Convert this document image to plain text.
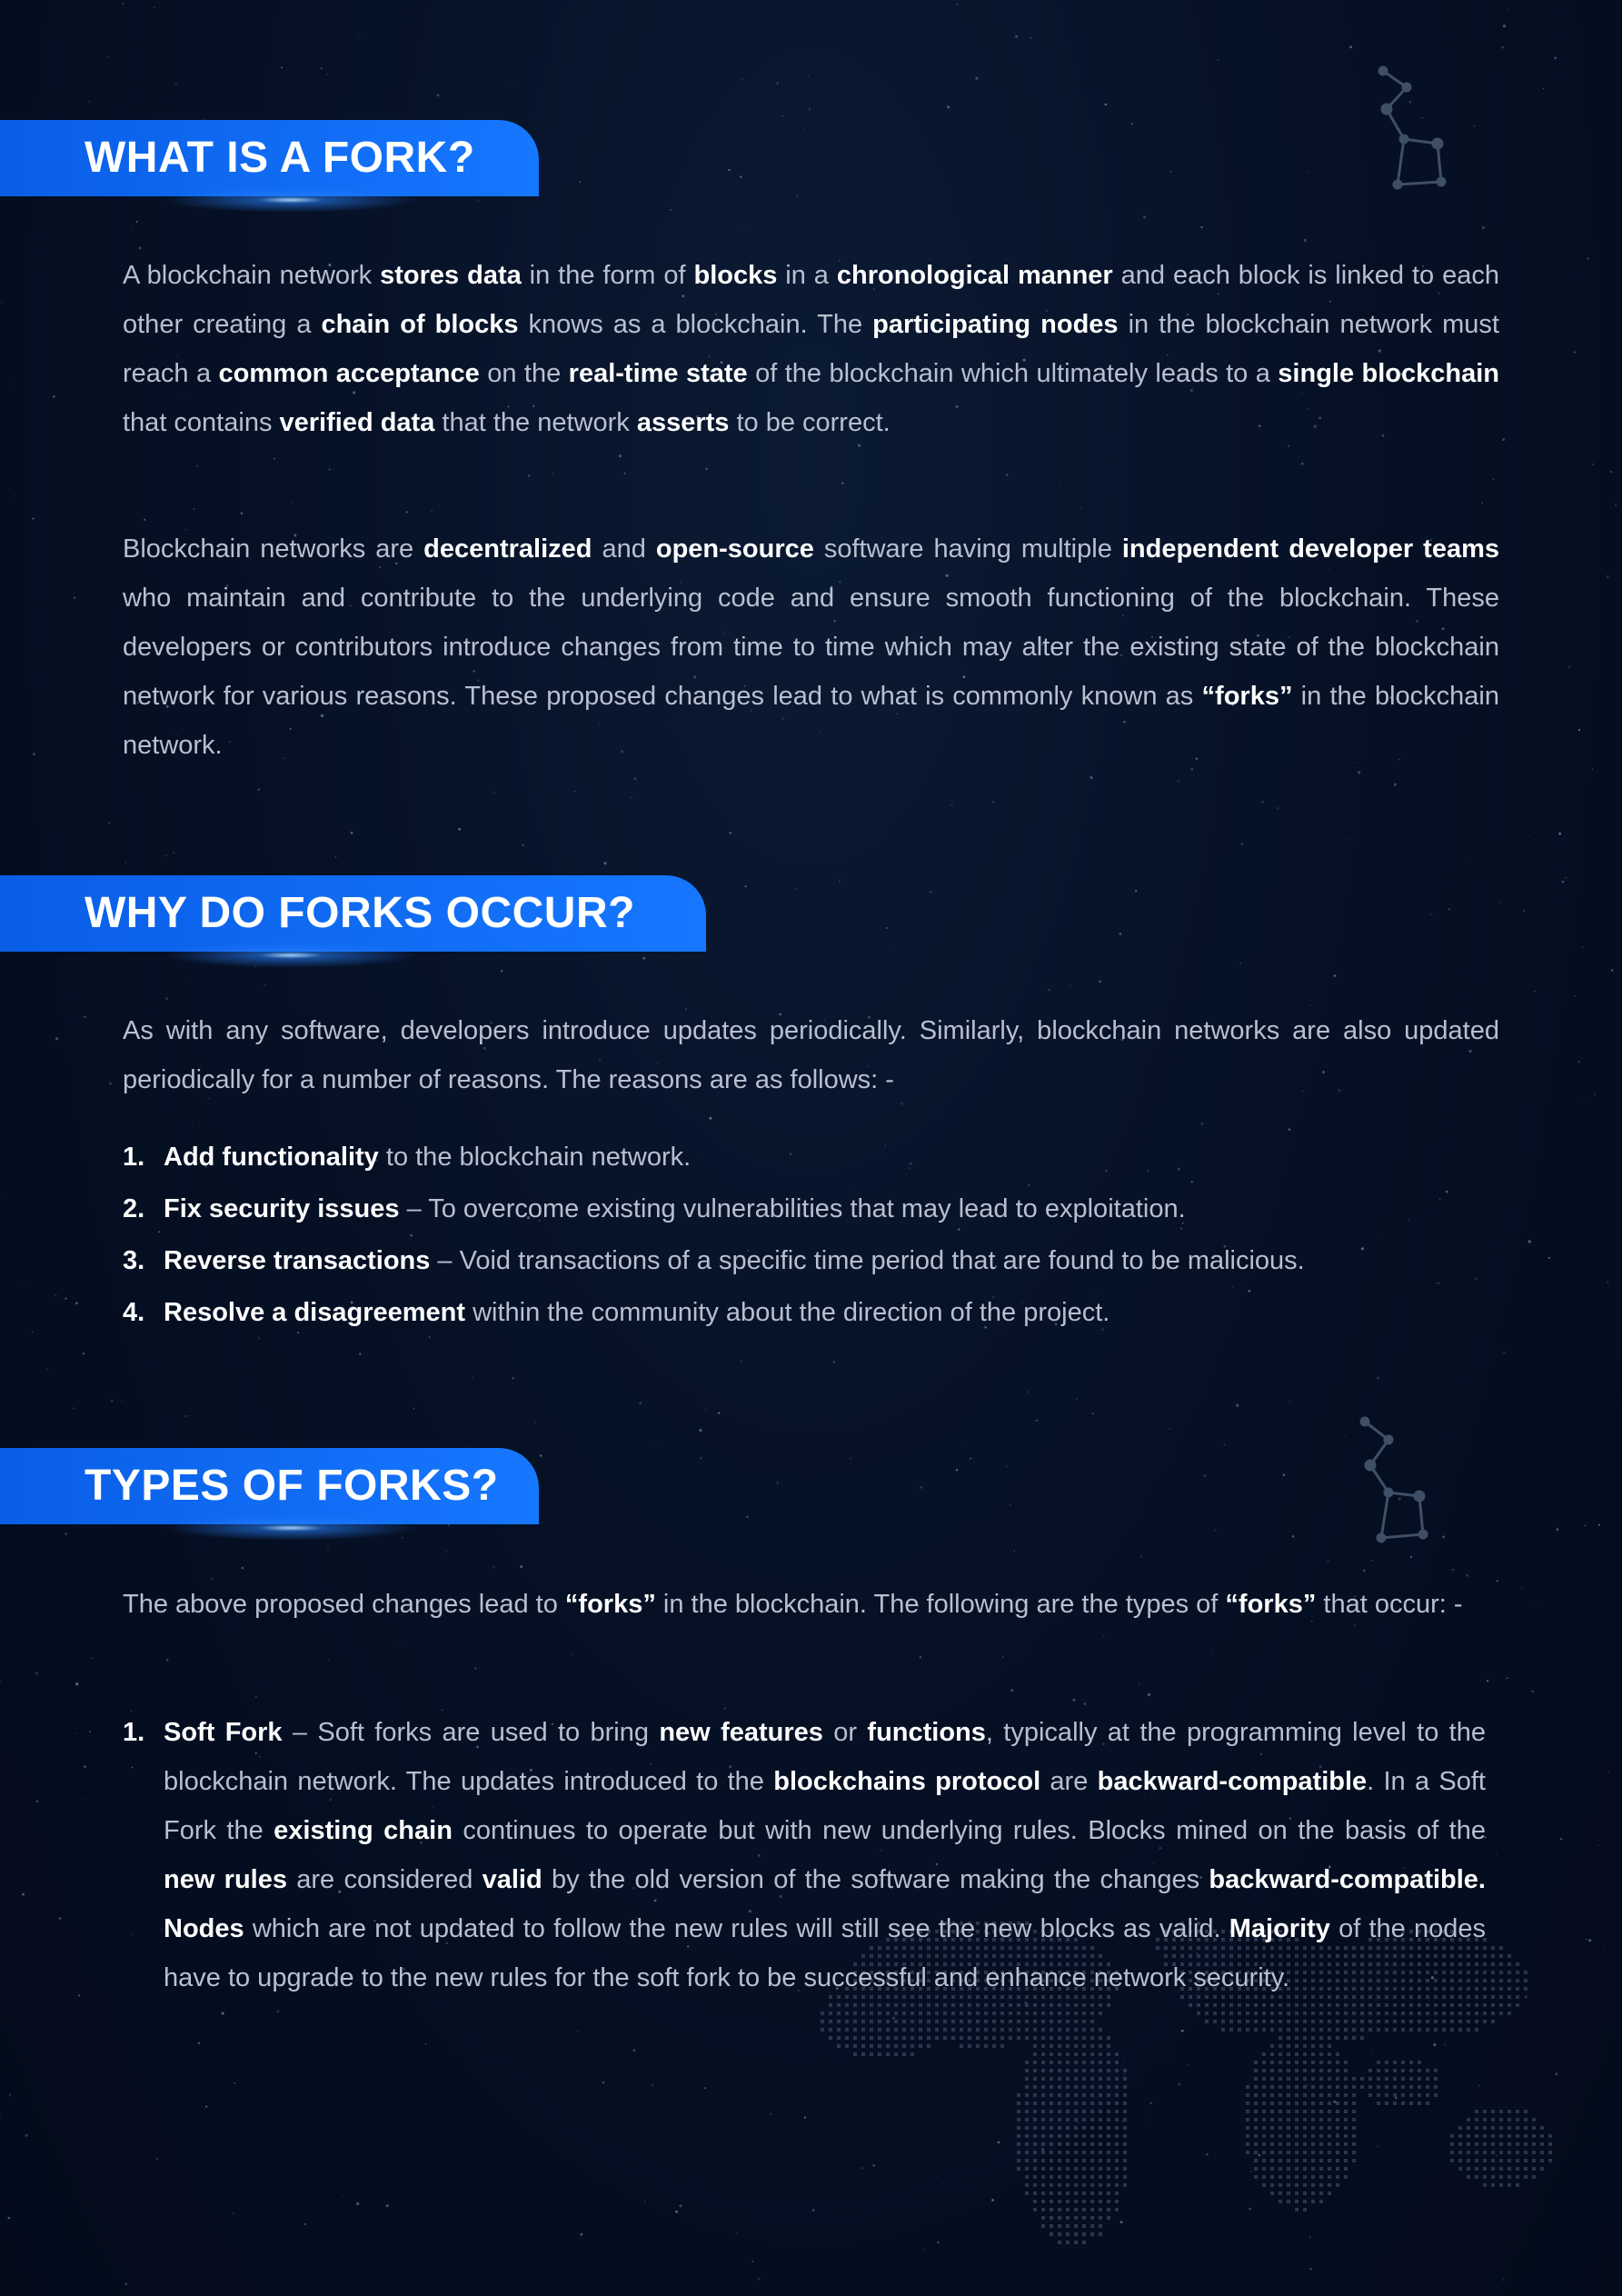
WHAT IS A FORK?

A blockchain network stores data in the form of blocks in a chronological manner and each block is linked to each other creating a chain of blocks knows as a blockchain. The participating nodes in the blockchain network must reach a common acceptance on the real-time state of the blockchain which ultimately leads to a single blockchain that contains verified data that the network asserts to be correct.

Blockchain networks are decentralized and open-source software having multiple independent developer teams who maintain and contribute to the underlying code and ensure smooth functioning of the blockchain. These developers or contributors introduce changes from time to time which may alter the existing state of the blockchain network for various reasons. These proposed changes lead to what is commonly known as “forks” in the blockchain network.

WHY DO FORKS OCCUR?

As with any software, developers introduce updates periodically. Similarly, blockchain networks are also updated periodically for a number of reasons. The reasons are as follows: -

1. Add functionality to the blockchain network.
2. Fix security issues – To overcome existing vulnerabilities that may lead to exploitation.
3. Reverse transactions – Void transactions of a specific time period that are found to be malicious.
4. Resolve a disagreement within the community about the direction of the project.
TYPES OF FORKS?

The above proposed changes lead to “forks” in the blockchain. The following are the types of “forks” that occur: -

1. Soft Fork – Soft forks are used to bring new features or functions, typically at the programming level to the blockchain network. The updates introduced to the blockchains protocol are backward-compatible. In a Soft Fork the existing chain continues to operate but with new underlying rules. Blocks mined on the basis of the new rules are considered valid by the old version of the software making the changes backward-compatible. Nodes which are not updated to follow the new rules will still see the new blocks as valid. Majority of the nodes have to upgrade to the new rules for the soft fork to be successful and enhance network security.
